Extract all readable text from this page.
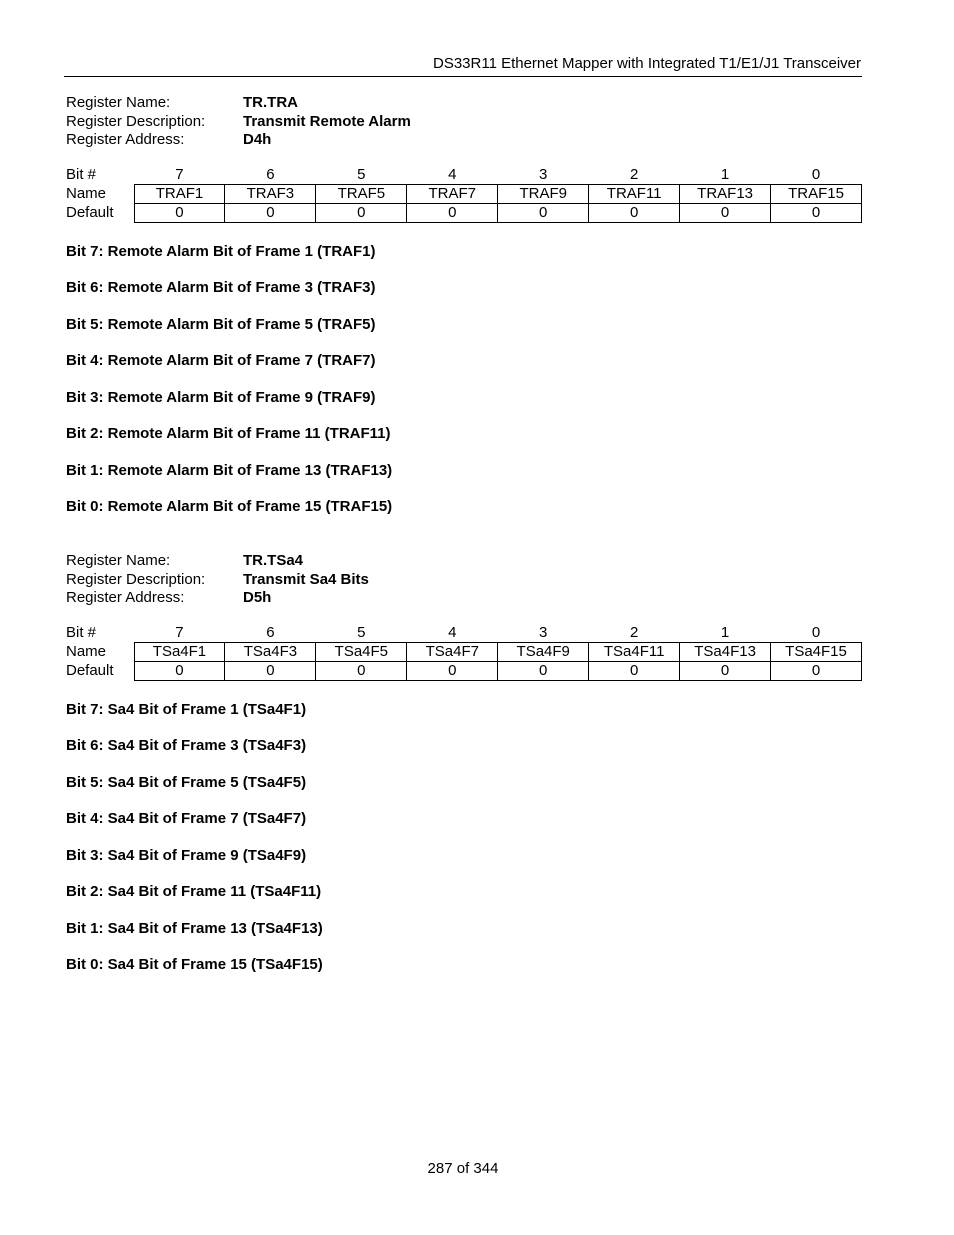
DS33R11 Ethernet Mapper with Integrated T1/E1/J1 Transceiver
Register Name:	TR.TRA
Register Description:	Transmit Remote Alarm
Register Address:	D4h
Bit #	7	6	5	4	3	2	1	0
Name	TRAF1	TRAF3	TRAF5	TRAF7	TRAF9	TRAF11	TRAF13	TRAF15
Default	0	0	0	0	0	0	0	0
Bit 7: Remote Alarm Bit of Frame 1 (TRAF1)
Bit 6: Remote Alarm Bit of Frame 3 (TRAF3)
Bit 5: Remote Alarm Bit of Frame 5 (TRAF5)
Bit 4: Remote Alarm Bit of Frame 7 (TRAF7)
Bit 3: Remote Alarm Bit of Frame 9 (TRAF9)
Bit 2: Remote Alarm Bit of Frame 11 (TRAF11)
Bit 1: Remote Alarm Bit of Frame 13 (TRAF13)
Bit 0: Remote Alarm Bit of Frame 15 (TRAF15)
Register Name:	TR.TSa4
Register Description:	Transmit Sa4 Bits
Register Address:	D5h
Bit #	7	6	5	4	3	2	1	0
Name	TSa4F1	TSa4F3	TSa4F5	TSa4F7	TSa4F9	TSa4F11	TSa4F13	TSa4F15
Default	0	0	0	0	0	0	0	0
Bit 7: Sa4 Bit of Frame 1 (TSa4F1)
Bit 6: Sa4 Bit of Frame 3 (TSa4F3)
Bit 5: Sa4 Bit of Frame 5 (TSa4F5)
Bit 4: Sa4 Bit of Frame 7 (TSa4F7)
Bit 3: Sa4 Bit of Frame 9 (TSa4F9)
Bit 2: Sa4 Bit of Frame 11 (TSa4F11)
Bit 1: Sa4 Bit of Frame 13 (TSa4F13)
Bit 0: Sa4 Bit of Frame 15 (TSa4F15)
287 of 344
